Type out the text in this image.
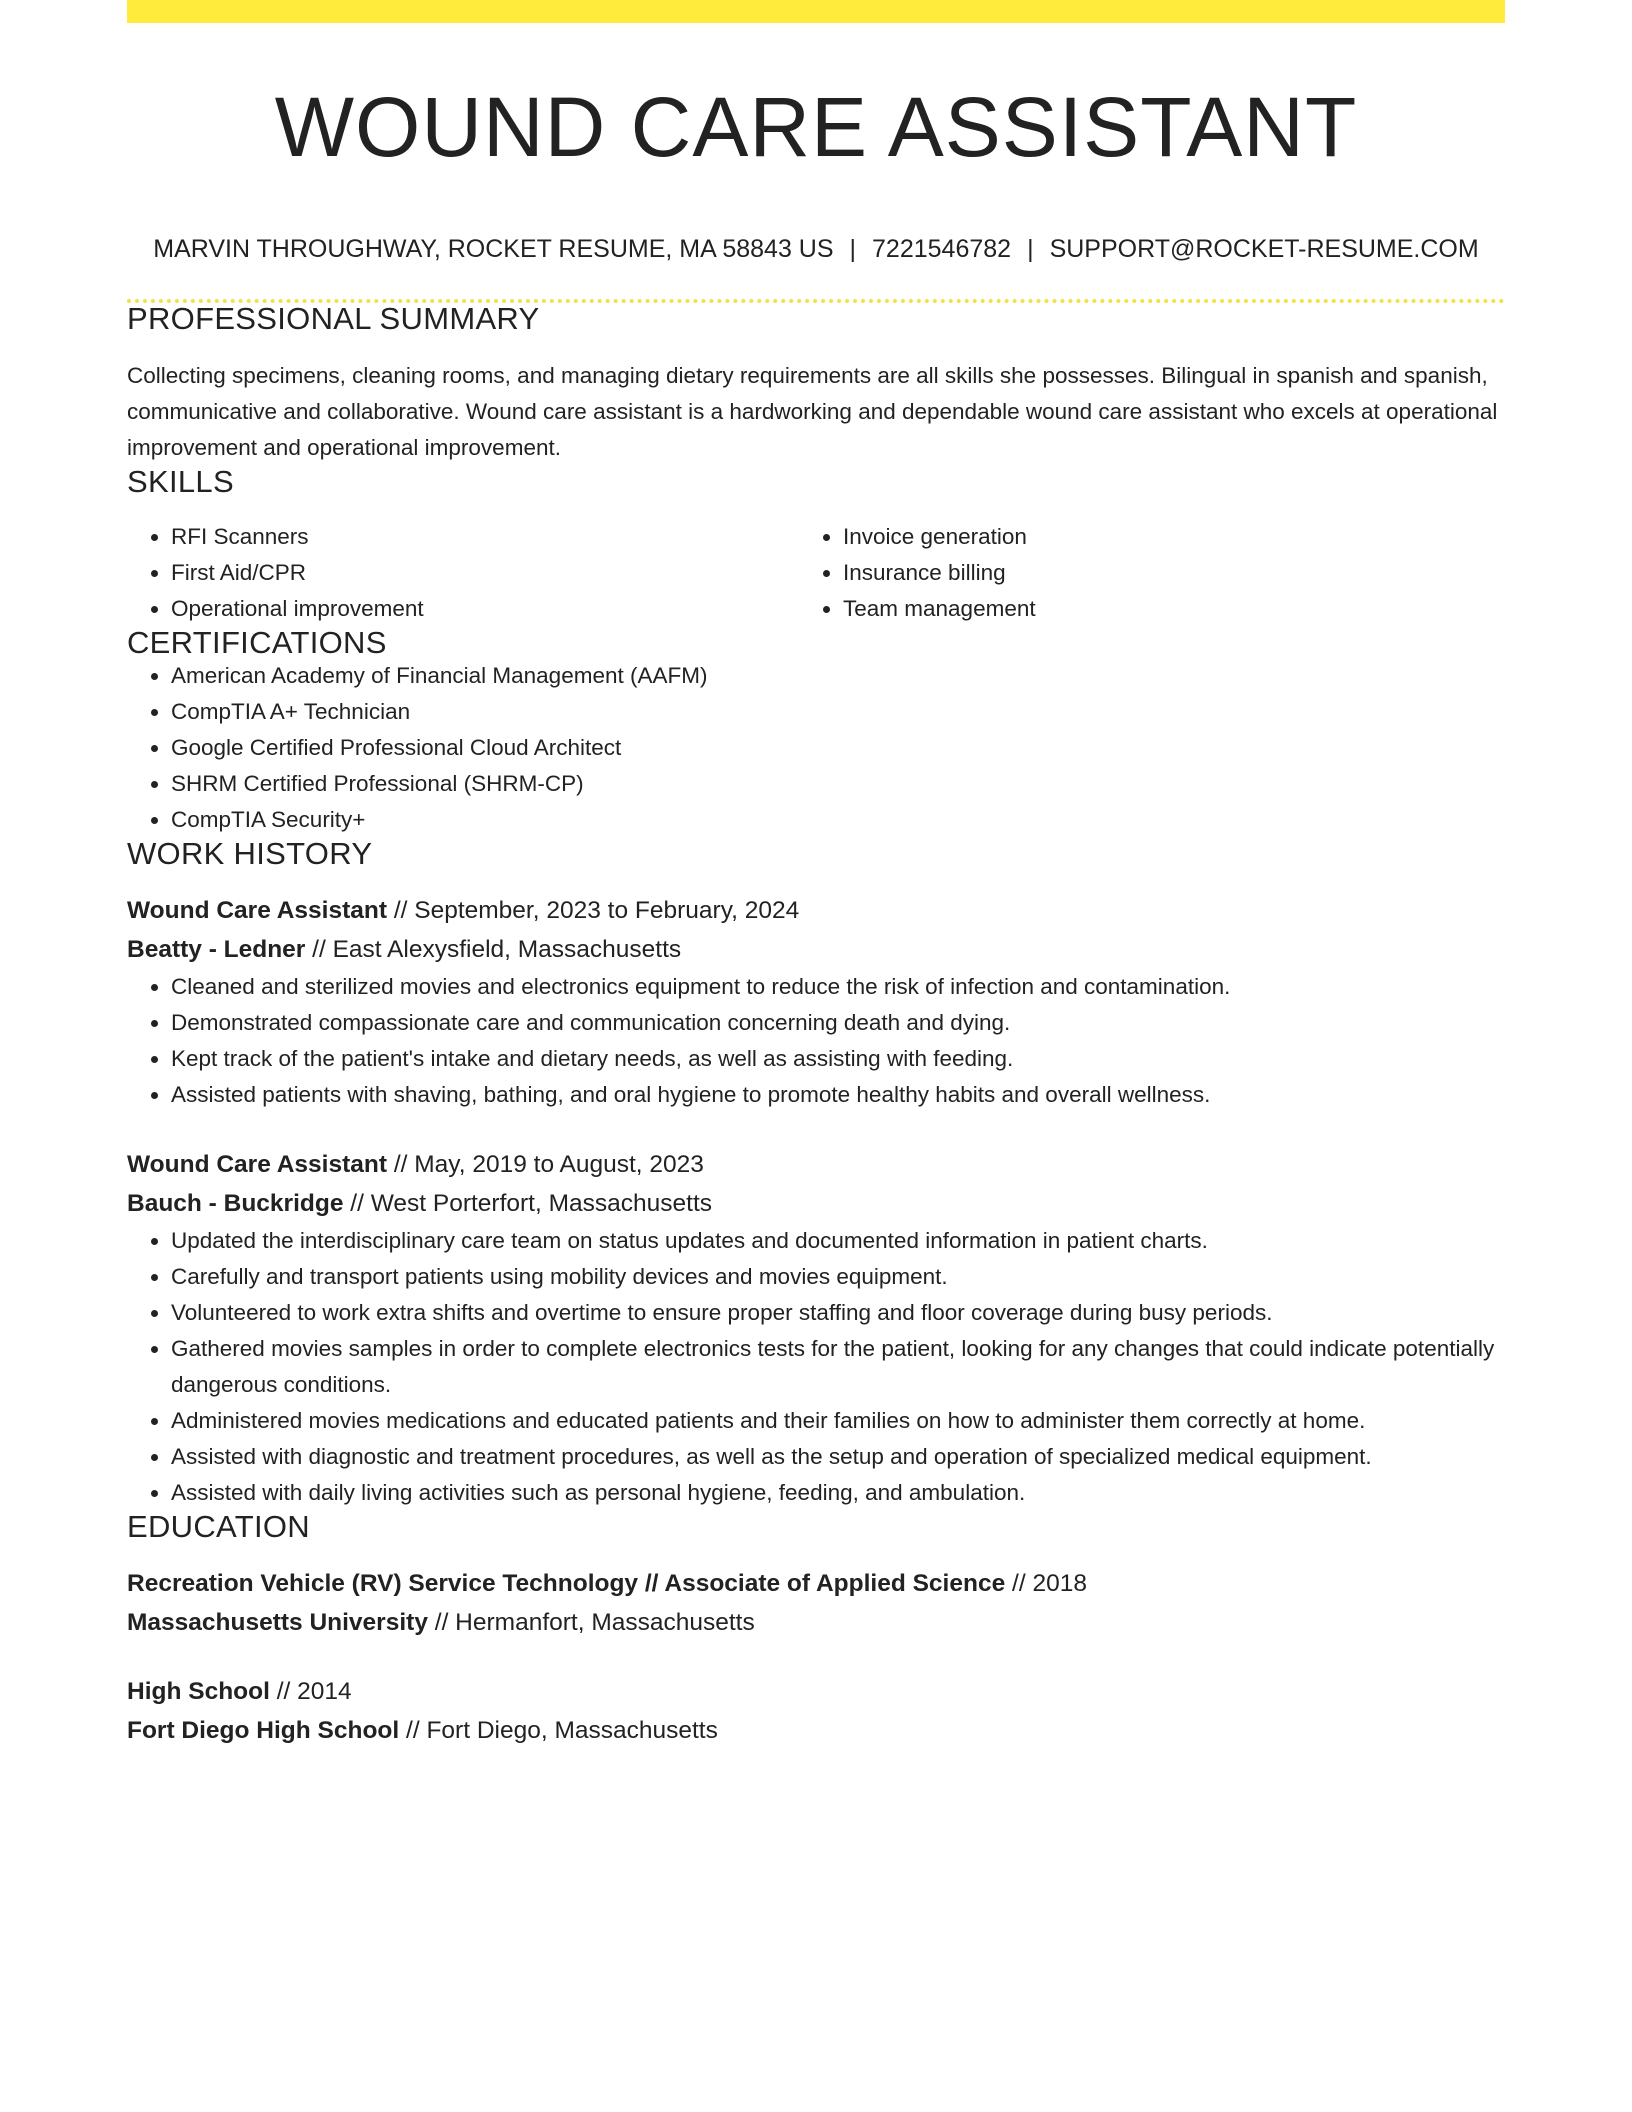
WOUND CARE ASSISTANT
MARVIN THROUGHWAY, ROCKET RESUME, MA 58843 US | 7221546782 | SUPPORT@ROCKET-RESUME.COM
PROFESSIONAL SUMMARY
Collecting specimens, cleaning rooms, and managing dietary requirements are all skills she possesses. Bilingual in spanish and spanish, communicative and collaborative. Wound care assistant is a hardworking and dependable wound care assistant who excels at operational improvement and operational improvement.
SKILLS
• RFI Scanners
• First Aid/CPR
• Operational improvement
• Invoice generation
• Insurance billing
• Team management
CERTIFICATIONS
• American Academy of Financial Management (AAFM)
• CompTIA A+ Technician
• Google Certified Professional Cloud Architect
• SHRM Certified Professional (SHRM-CP)
• CompTIA Security+
WORK HISTORY
Wound Care Assistant // September, 2023 to February, 2024
Beatty - Ledner // East Alexysfield, Massachusetts
• Cleaned and sterilized movies and electronics equipment to reduce the risk of infection and contamination.
• Demonstrated compassionate care and communication concerning death and dying.
• Kept track of the patient's intake and dietary needs, as well as assisting with feeding.
• Assisted patients with shaving, bathing, and oral hygiene to promote healthy habits and overall wellness.
Wound Care Assistant // May, 2019 to August, 2023
Bauch - Buckridge // West Porterfort, Massachusetts
• Updated the interdisciplinary care team on status updates and documented information in patient charts.
• Carefully and transport patients using mobility devices and movies equipment.
• Volunteered to work extra shifts and overtime to ensure proper staffing and floor coverage during busy periods.
• Gathered movies samples in order to complete electronics tests for the patient, looking for any changes that could indicate potentially dangerous conditions.
• Administered movies medications and educated patients and their families on how to administer them correctly at home.
• Assisted with diagnostic and treatment procedures, as well as the setup and operation of specialized medical equipment.
• Assisted with daily living activities such as personal hygiene, feeding, and ambulation.
EDUCATION
Recreation Vehicle (RV) Service Technology // Associate of Applied Science // 2018
Massachusetts University // Hermanfort, Massachusetts
High School // 2014
Fort Diego High School // Fort Diego, Massachusetts
